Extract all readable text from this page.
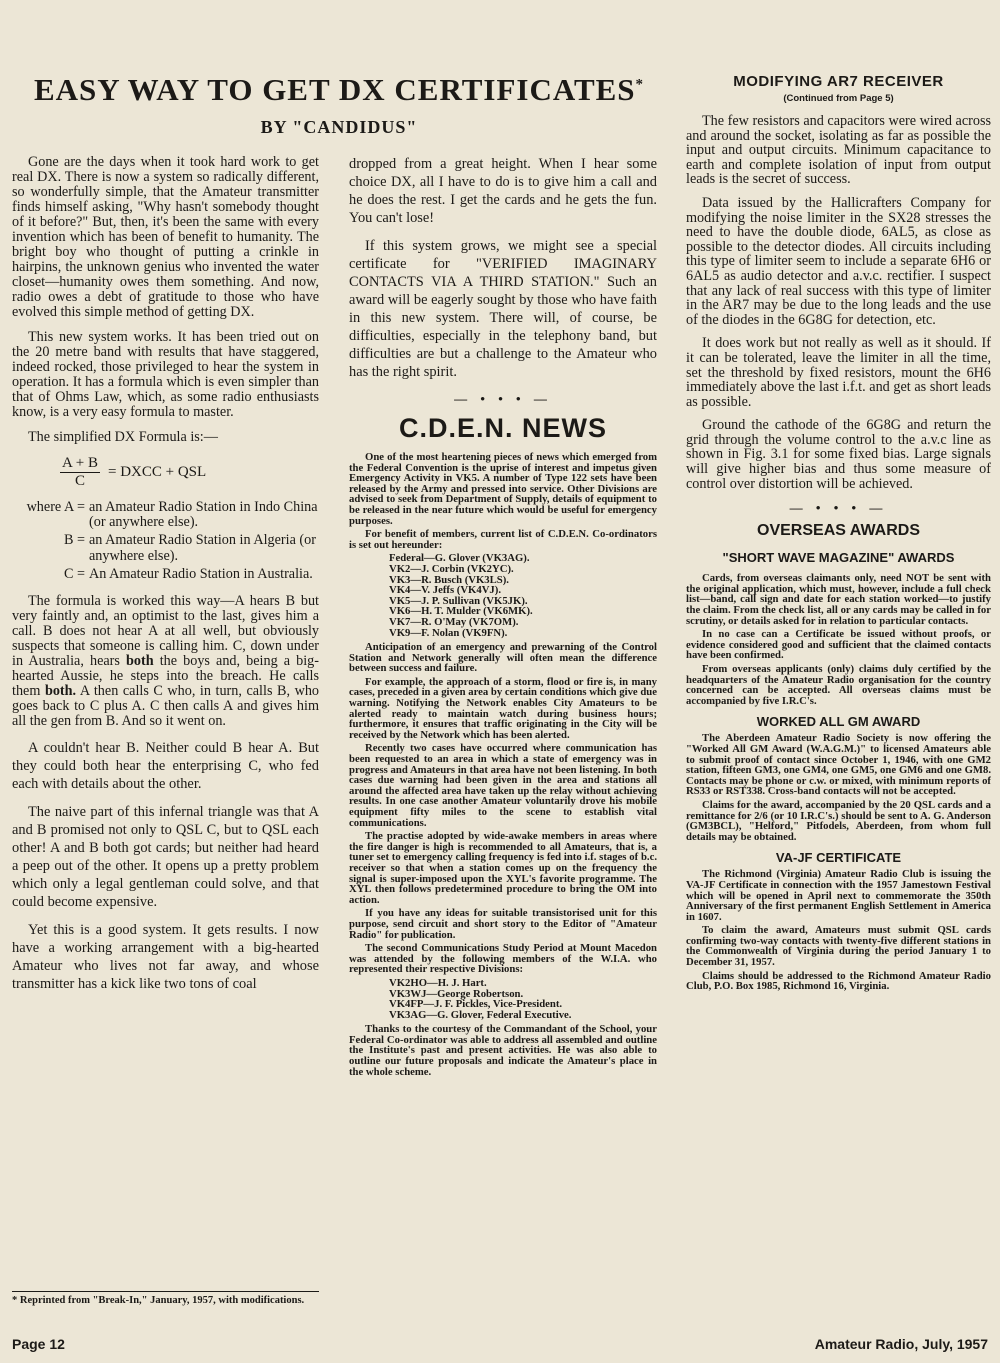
EASY WAY TO GET DX CERTIFICATES*
BY "CANDIDUS"

Gone are the days when it took hard work to get real DX. There is now a system so radically different, so wonderfully simple, that the Amateur transmitter finds himself asking, "Why hasn't somebody thought of it before?" But, then, it's been the same with every invention which has been of benefit to humanity. The bright boy who thought of putting a crinkle in hairpins, the unknown genius who invented the water closet—humanity owes them something. And now, radio owes a debt of gratitude to those who have evolved this simple method of getting DX.

This new system works. It has been tried out on the 20 metre band with results that have staggered, indeed rocked, those privileged to hear the system in operation. It has a formula which is even simpler than that of Ohms Law, which, as some radio enthusiasts know, is a very easy formula to master.

The simplified DX Formula is:—

$\frac{A + B}{C}$ = DXCC + QSL
where A = an Amateur Radio Station in Indo China (or anywhere else).
B = an Amateur Radio Station in Algeria (or anywhere else).
C = An Amateur Radio Station in Australia.

The formula is worked this way—A hears B but very faintly and, an optimist to the last, gives him a call. B does not hear A at all well, but obviously suspects that someone is calling him. C, down under in Australia, hears both the boys and, being a big-hearted Aussie, he steps into the breach. He calls them both. A then calls C who, in turn, calls B, who goes back to C plus A. C then calls A and gives him all the gen from B. And so it went on.

A couldn't hear B. Neither could B hear A. But they could both hear the enterprising C, who fed each with details about the other.

The naive part of this infernal triangle was that A and B promised not only to QSL C, but to QSL each other! A and B both got cards; but neither had heard a peep out of the other. It opens up a pretty problem which only a legal gentleman could solve, and that could become expensive.

Yet this is a good system. It gets results. I now have a working arrangement with a big-hearted Amateur who lives not far away, and whose transmitter has a kick like two tons of coal

* Reprinted from "Break-In," January, 1957, with modifications.

dropped from a great height. When I hear some choice DX, all I have to do is to give him a call and he does the rest. I get the cards and he gets the fun. You can't lose!

If this system grows, we might see a special certificate for "VERIFIED IMAGINARY CONTACTS VIA A THIRD STATION." Such an award will be eagerly sought by those who have faith in this new system. There will, of course, be difficulties, especially in the telephony band, but difficulties are but a challenge to the Amateur who has the right spirit.

— • • • —
C.D.E.N. NEWS

One of the most heartening pieces of news which emerged from the Federal Convention is the uprise of interest and impetus given Emergency Activity in VK5. A number of Type 122 sets have been released by the Army and pressed into service. Other Divisions are advised to seek from Department of Supply, details of equipment to be released in the near future which would be useful for emergency purposes.

For benefit of members, current list of C.D.E.N. Co-ordinators is set out hereunder:

Federal—G. Glover (VK3AG).
VK2—J. Corbin (VK2YC).
VK3—R. Busch (VK3LS).
VK4—V. Jeffs (VK4VJ).
VK5—J. P. Sullivan (VK5JK).
VK6—H. T. Mulder (VK6MK).
VK7—R. O'May (VK7OM).
VK9—F. Nolan (VK9FN).

Anticipation of an emergency and prewarning of the Control Station and Network generally will often mean the difference between success and failure.

For example, the approach of a storm, flood or fire is, in many cases, preceded in a given area by certain conditions which give due warning. Notifying the Network enables City Amateurs to be alerted ready to maintain watch during business hours; furthermore, it ensures that traffic originating in the City will be received by the Network which has been alerted.

Recently two cases have occurred where communication has been requested to an area in which a state of emergency was in progress and Amateurs in that area have not been listening. In both cases due warning had been given in the area and stations all around the affected area have taken up the relay without achieving results. In one case another Amateur voluntarily drove his mobile equipment fifty miles to the scene to establish vital communications.

The practise adopted by wide-awake members in areas where the fire danger is high is recommended to all Amateurs, that is, a tuner set to emergency calling frequency is fed into i.f. stages of b.c. receiver so that when a station comes up on the frequency the signal is super-imposed upon the XYL's favorite programme. The XYL then follows predetermined procedure to bring the OM into action.

If you have any ideas for suitable transistorised unit for this purpose, send circuit and short story to the Editor of "Amateur Radio" for publication.

The second Communications Study Period at Mount Macedon was attended by the following members of the W.I.A. who represented their respective Divisions:

VK2HO—H. J. Hart.
VK3WJ—George Robertson.
VK4FP—J. F. Pickles, Vice-President.
VK3AG—G. Glover, Federal Executive.

Thanks to the courtesy of the Commandant of the School, your Federal Co-ordinator was able to address all assembled and outline the Institute's past and present activities. He was also able to outline our future proposals and indicate the Amateur's place in the whole scheme.

MODIFYING AR7 RECEIVER
(Continued from Page 5)

The few resistors and capacitors were wired across and around the socket, isolating as far as possible the input and output circuits. Minimum capacitance to earth and complete isolation of input from output leads is the secret of success.

Data issued by the Hallicrafters Company for modifying the noise limiter in the SX28 stresses the need to have the double diode, 6AL5, as close as possible to the detector diodes. All circuits including this type of limiter seem to include a separate 6H6 or 6AL5 as audio detector and a.v.c. rectifier. I suspect that any lack of real success with this type of limiter in the AR7 may be due to the long leads and the use of the diodes in the 6G8G for detection, etc.

It does work but not really as well as it should. If it can be tolerated, leave the limiter in all the time, set the threshold by fixed resistors, mount the 6H6 immediately above the last i.f.t. and get as short leads as possible.

Ground the cathode of the 6G8G and return the grid through the volume control to the a.v.c line as shown in Fig. 3.1 for some fixed bias. Large signals will give higher bias and thus some measure of control over distortion will be achieved.

— • • • —
OVERSEAS AWARDS
"SHORT WAVE MAGAZINE" AWARDS

Cards, from overseas claimants only, need NOT be sent with the original application, which must, however, include a full check list—band, call sign and date for each station worked—to justify the claim. From the check list, all or any cards may be called in for scrutiny, or details asked for in relation to particular contacts.

In no case can a Certificate be issued without proofs, or evidence considered good and sufficient that the claimed contacts have been confirmed.

From overseas applicants (only) claims duly certified by the headquarters of the Amateur Radio organisation for the country concerned can be accepted. All overseas claims must be accompanied by five I.R.C's.

WORKED ALL GM AWARD

The Aberdeen Amateur Radio Society is now offering the "Worked All GM Award (W.A.G.M.)" to licensed Amateurs able to submit proof of contact since October 1, 1946, with one GM2 station, fifteen GM3, one GM4, one GM5, one GM6 and one GM8. Contacts may be phone or c.w. or mixed, with minimum reports of RS33 or RST338. Cross-band contacts will not be accepted.

Claims for the award, accompanied by the 20 QSL cards and a remittance for 2/6 (or 10 I.R.C's.) should be sent to A. G. Anderson (GM3BCL), "Helford," Pitfodels, Aberdeen, from whom full details may be obtained.

VA-JF CERTIFICATE

The Richmond (Virginia) Amateur Radio Club is issuing the VA-JF Certificate in connection with the 1957 Jamestown Festival which will be opened in April next to commemorate the 350th Anniversary of the first permanent English Settlement in America in 1607.

To claim the award, Amateurs must submit QSL cards confirming two-way contacts with twenty-five different stations in the Commonwealth of Virginia during the period January 1 to December 31, 1957.

Claims should be addressed to the Richmond Amateur Radio Club, P.O. Box 1985, Richmond 16, Virginia.

Page 12	Amateur Radio, July, 1957
